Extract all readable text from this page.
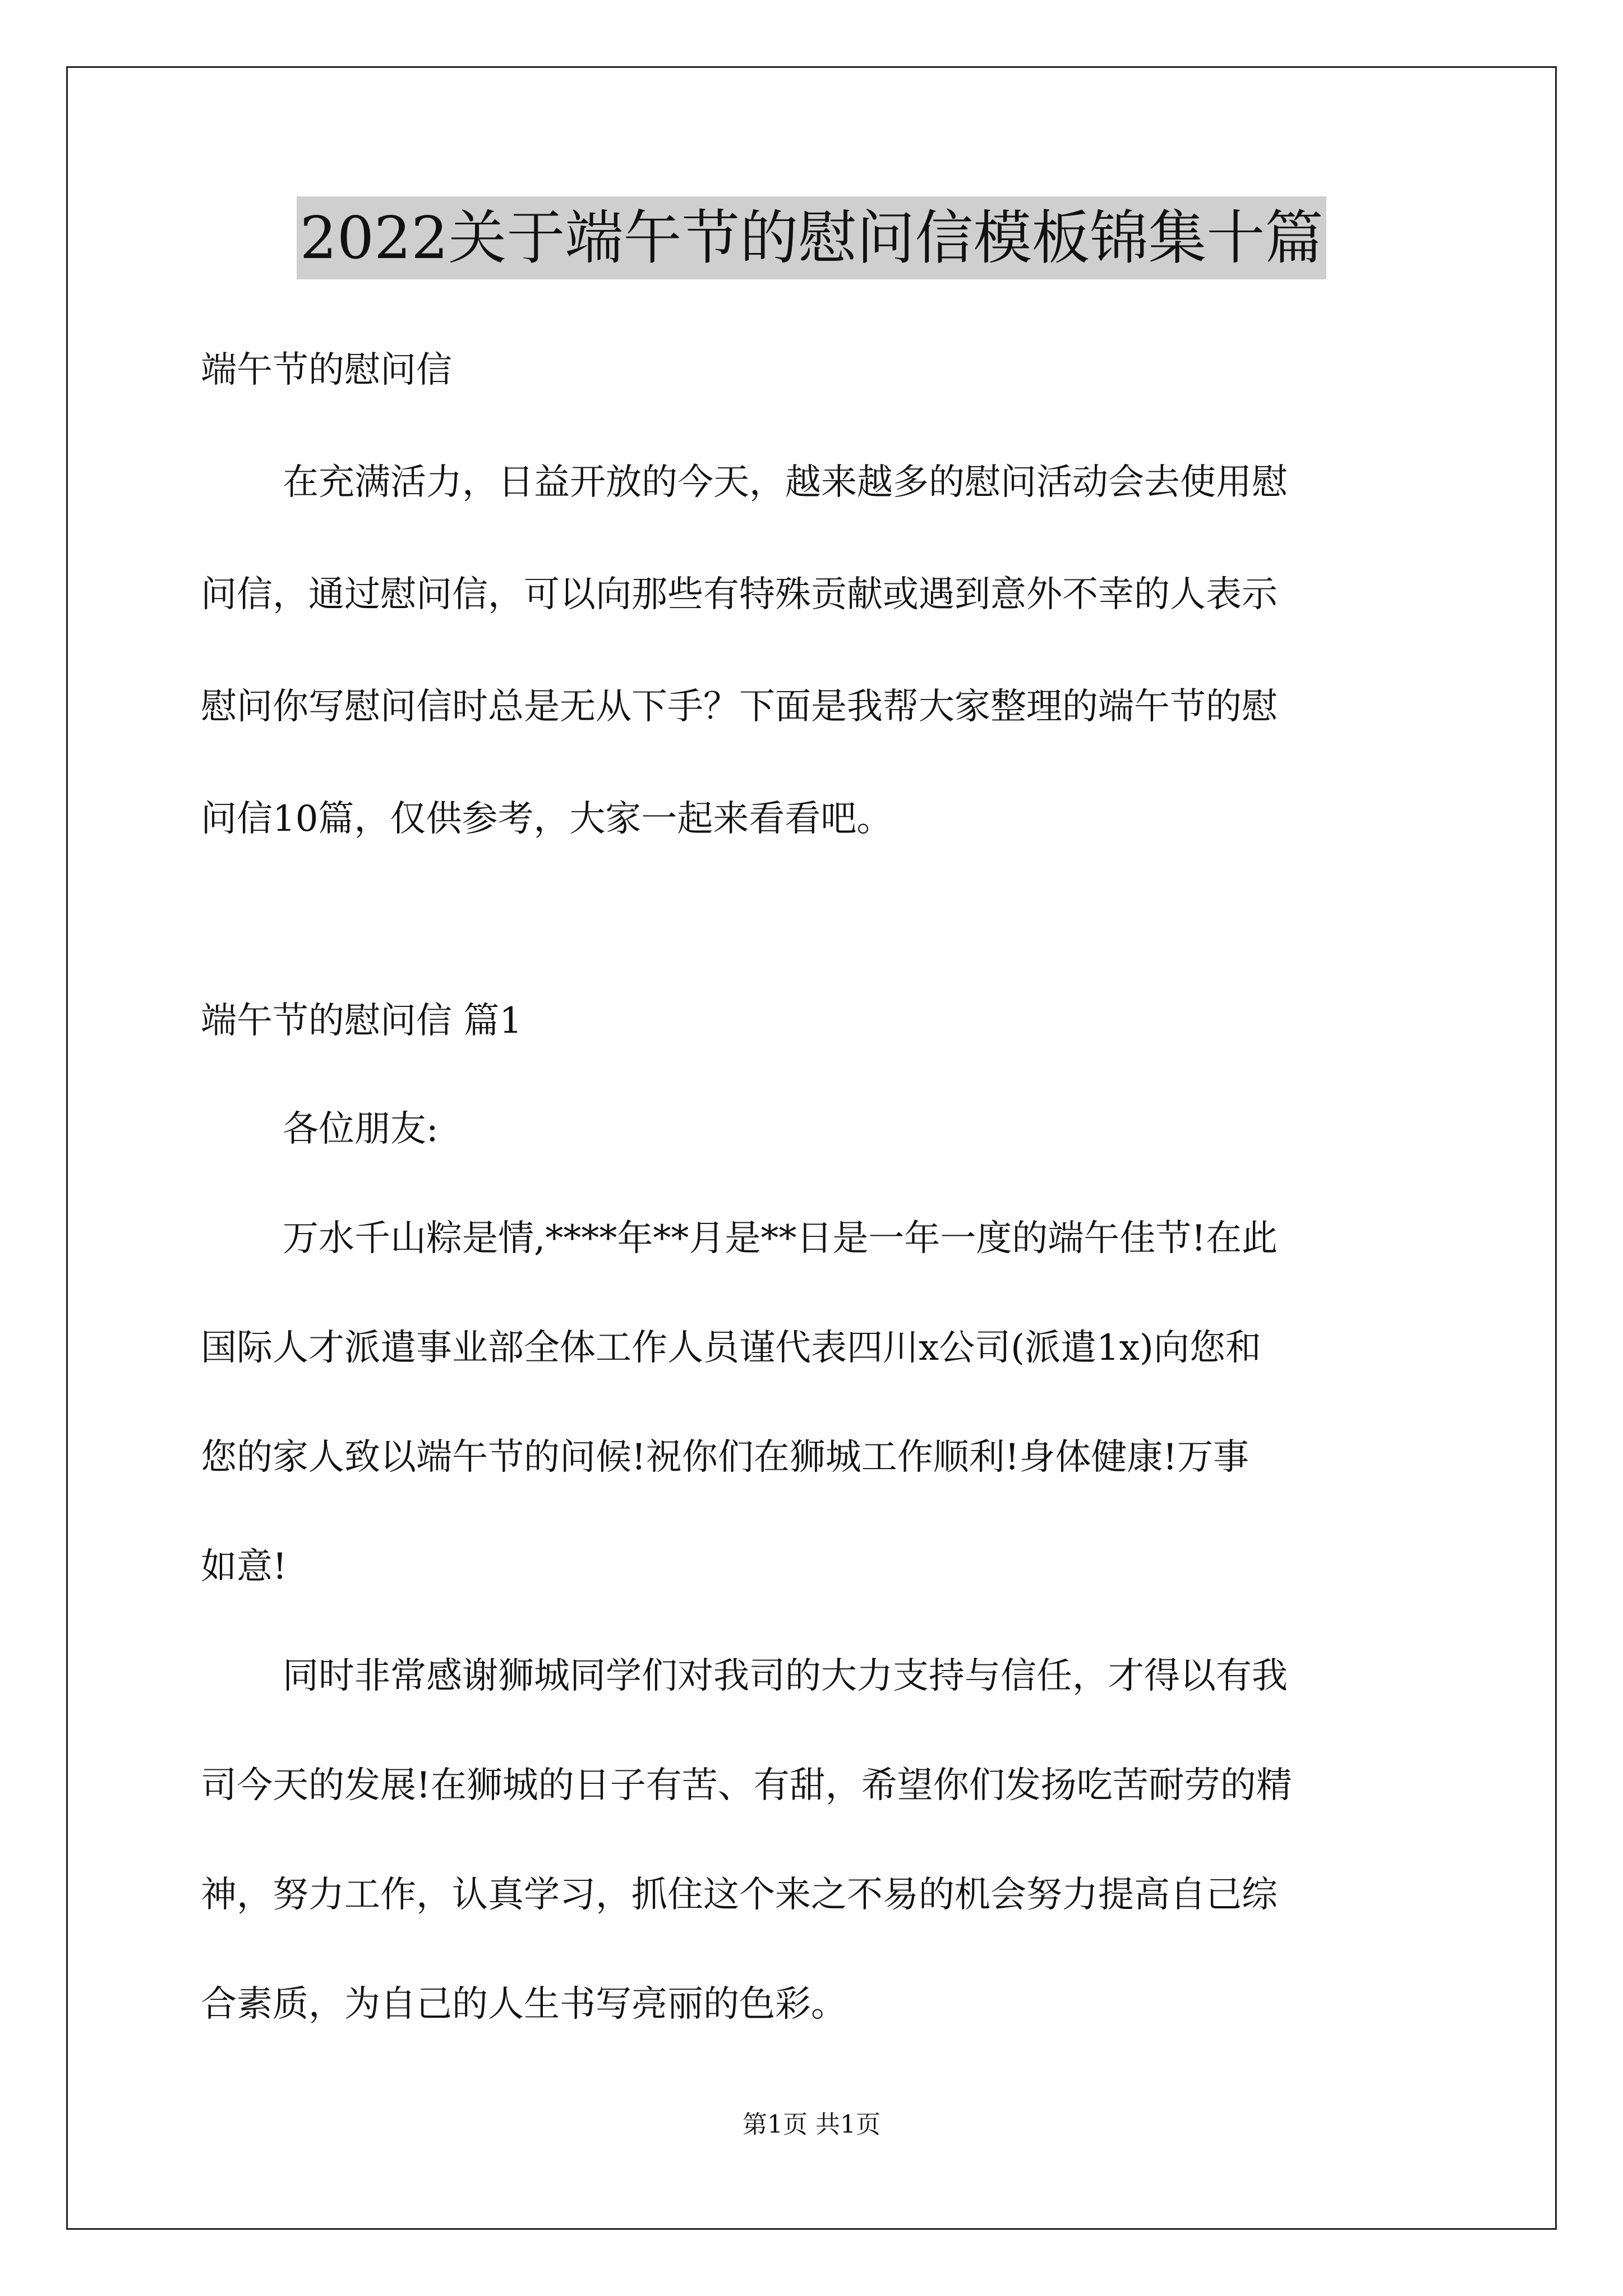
2022关于端午节的慰问信模板锦集十篇
端午节的慰问信
在充满活力，日益开放的今天，越来越多的慰问活动会去使用慰
问信，通过慰问信，可以向那些有特殊贡献或遇到意外不幸的人表示
慰问你写慰问信时总是无从下手？下面是我帮大家整理的端午节的慰
问信10篇，仅供参考，大家一起来看看吧。
端午节的慰问信 篇1
各位朋友:
万水千山粽是情,****年**月是**日是一年一度的端午佳节!在此
国际人才派遣事业部全体工作人员谨代表四川x公司(派遣1x)向您和
您的家人致以端午节的问候!祝你们在狮城工作顺利!身体健康!万事
如意!
同时非常感谢狮城同学们对我司的大力支持与信任，才得以有我
司今天的发展!在狮城的日子有苦、有甜，希望你们发扬吃苦耐劳的精
神，努力工作，认真学习，抓住这个来之不易的机会努力提高自己综
合素质，为自己的人生书写亮丽的色彩。
第1页 共1页
